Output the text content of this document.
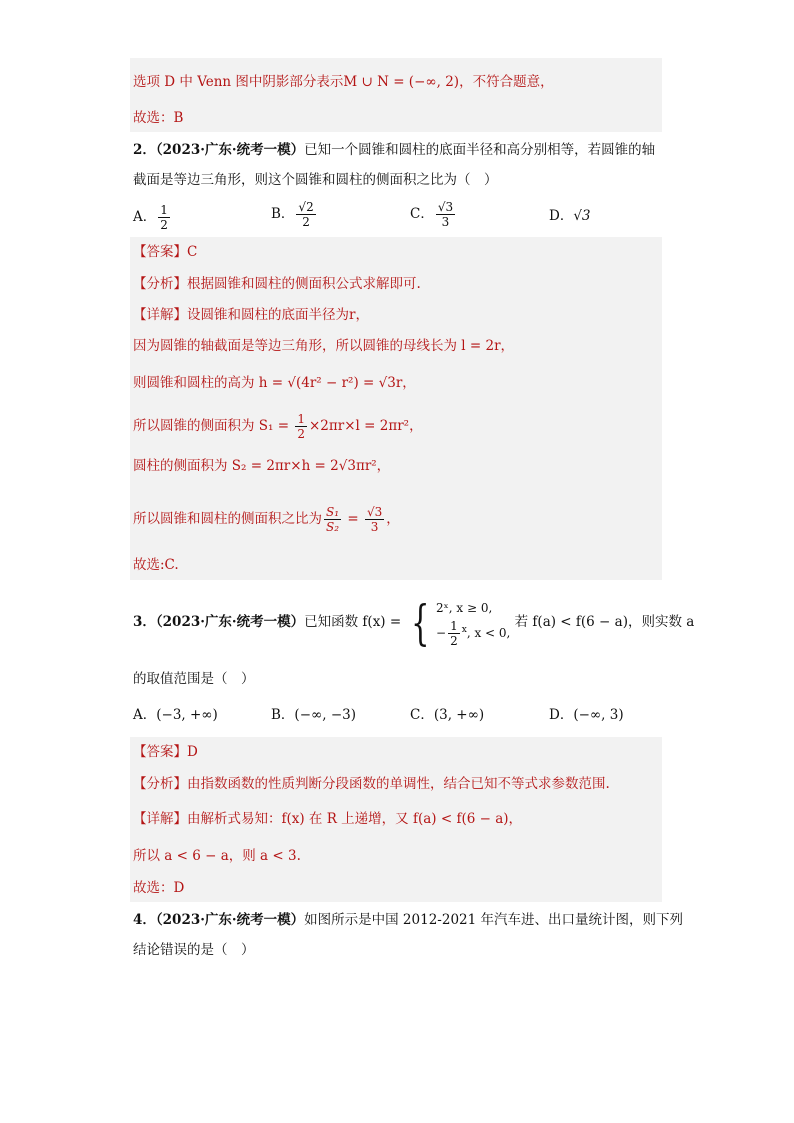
选项 D 中 Venn 图中阴影部分表示M ∪ N = (−∞, 2)，不符合题意，
故选：B
2．（2023·广东·统考一模）已知一个圆锥和圆柱的底面半径和高分别相等，若圆锥的轴
截面是等边三角形，则这个圆锥和圆柱的侧面积之比为（　）
A． $\frac{1}{2}$	B． $\frac{√2}{2}$	C． $\frac{√3}{3}$	D．√3
【答案】C
【分析】根据圆锥和圆柱的侧面积公式求解即可.
【详解】设圆锥和圆柱的底面半径为r，
因为圆锥的轴截面是等边三角形，所以圆锥的母线长为 l = 2r，
则圆锥和圆柱的高为 h = √(4r² − r²) = √3r，
所以圆锥的侧面积为 $S_1 = \frac{1}{2} \times 2\pi r\times l = 2\pi r^2$，
圆柱的侧面积为 S₂ = 2πr×h = 2√3πr²，
所以圆锥和圆柱的侧面积之比为 $\frac{\text{S₁}}{\text{S₂}} = \frac{√3}{3}$ ，
故选:C.
3．（2023·广东·统考一模）已知函数 f(x) = { 2ˣ, x ≥ 0,
− $\frac{1}{2} ^x$, x < 0,
若 f(a) < f(6 − a)，则实数 a
的取值范围是（　）
A．(−3, +∞)	B．(−∞, −3)	C．(3, +∞)	D．(−∞, 3)
【答案】D
【分析】由指数函数的性质判断分段函数的单调性，结合已知不等式求参数范围.
【详解】由解析式易知：f(x) 在 R 上递增，又 f(a) < f(6 − a)，
所以 a < 6 − a，则 a < 3.
故选：D
4．（2023·广东·统考一模）如图所示是中国 2012-2021 年汽车进、出口量统计图，则下列
结论错误的是（　）
